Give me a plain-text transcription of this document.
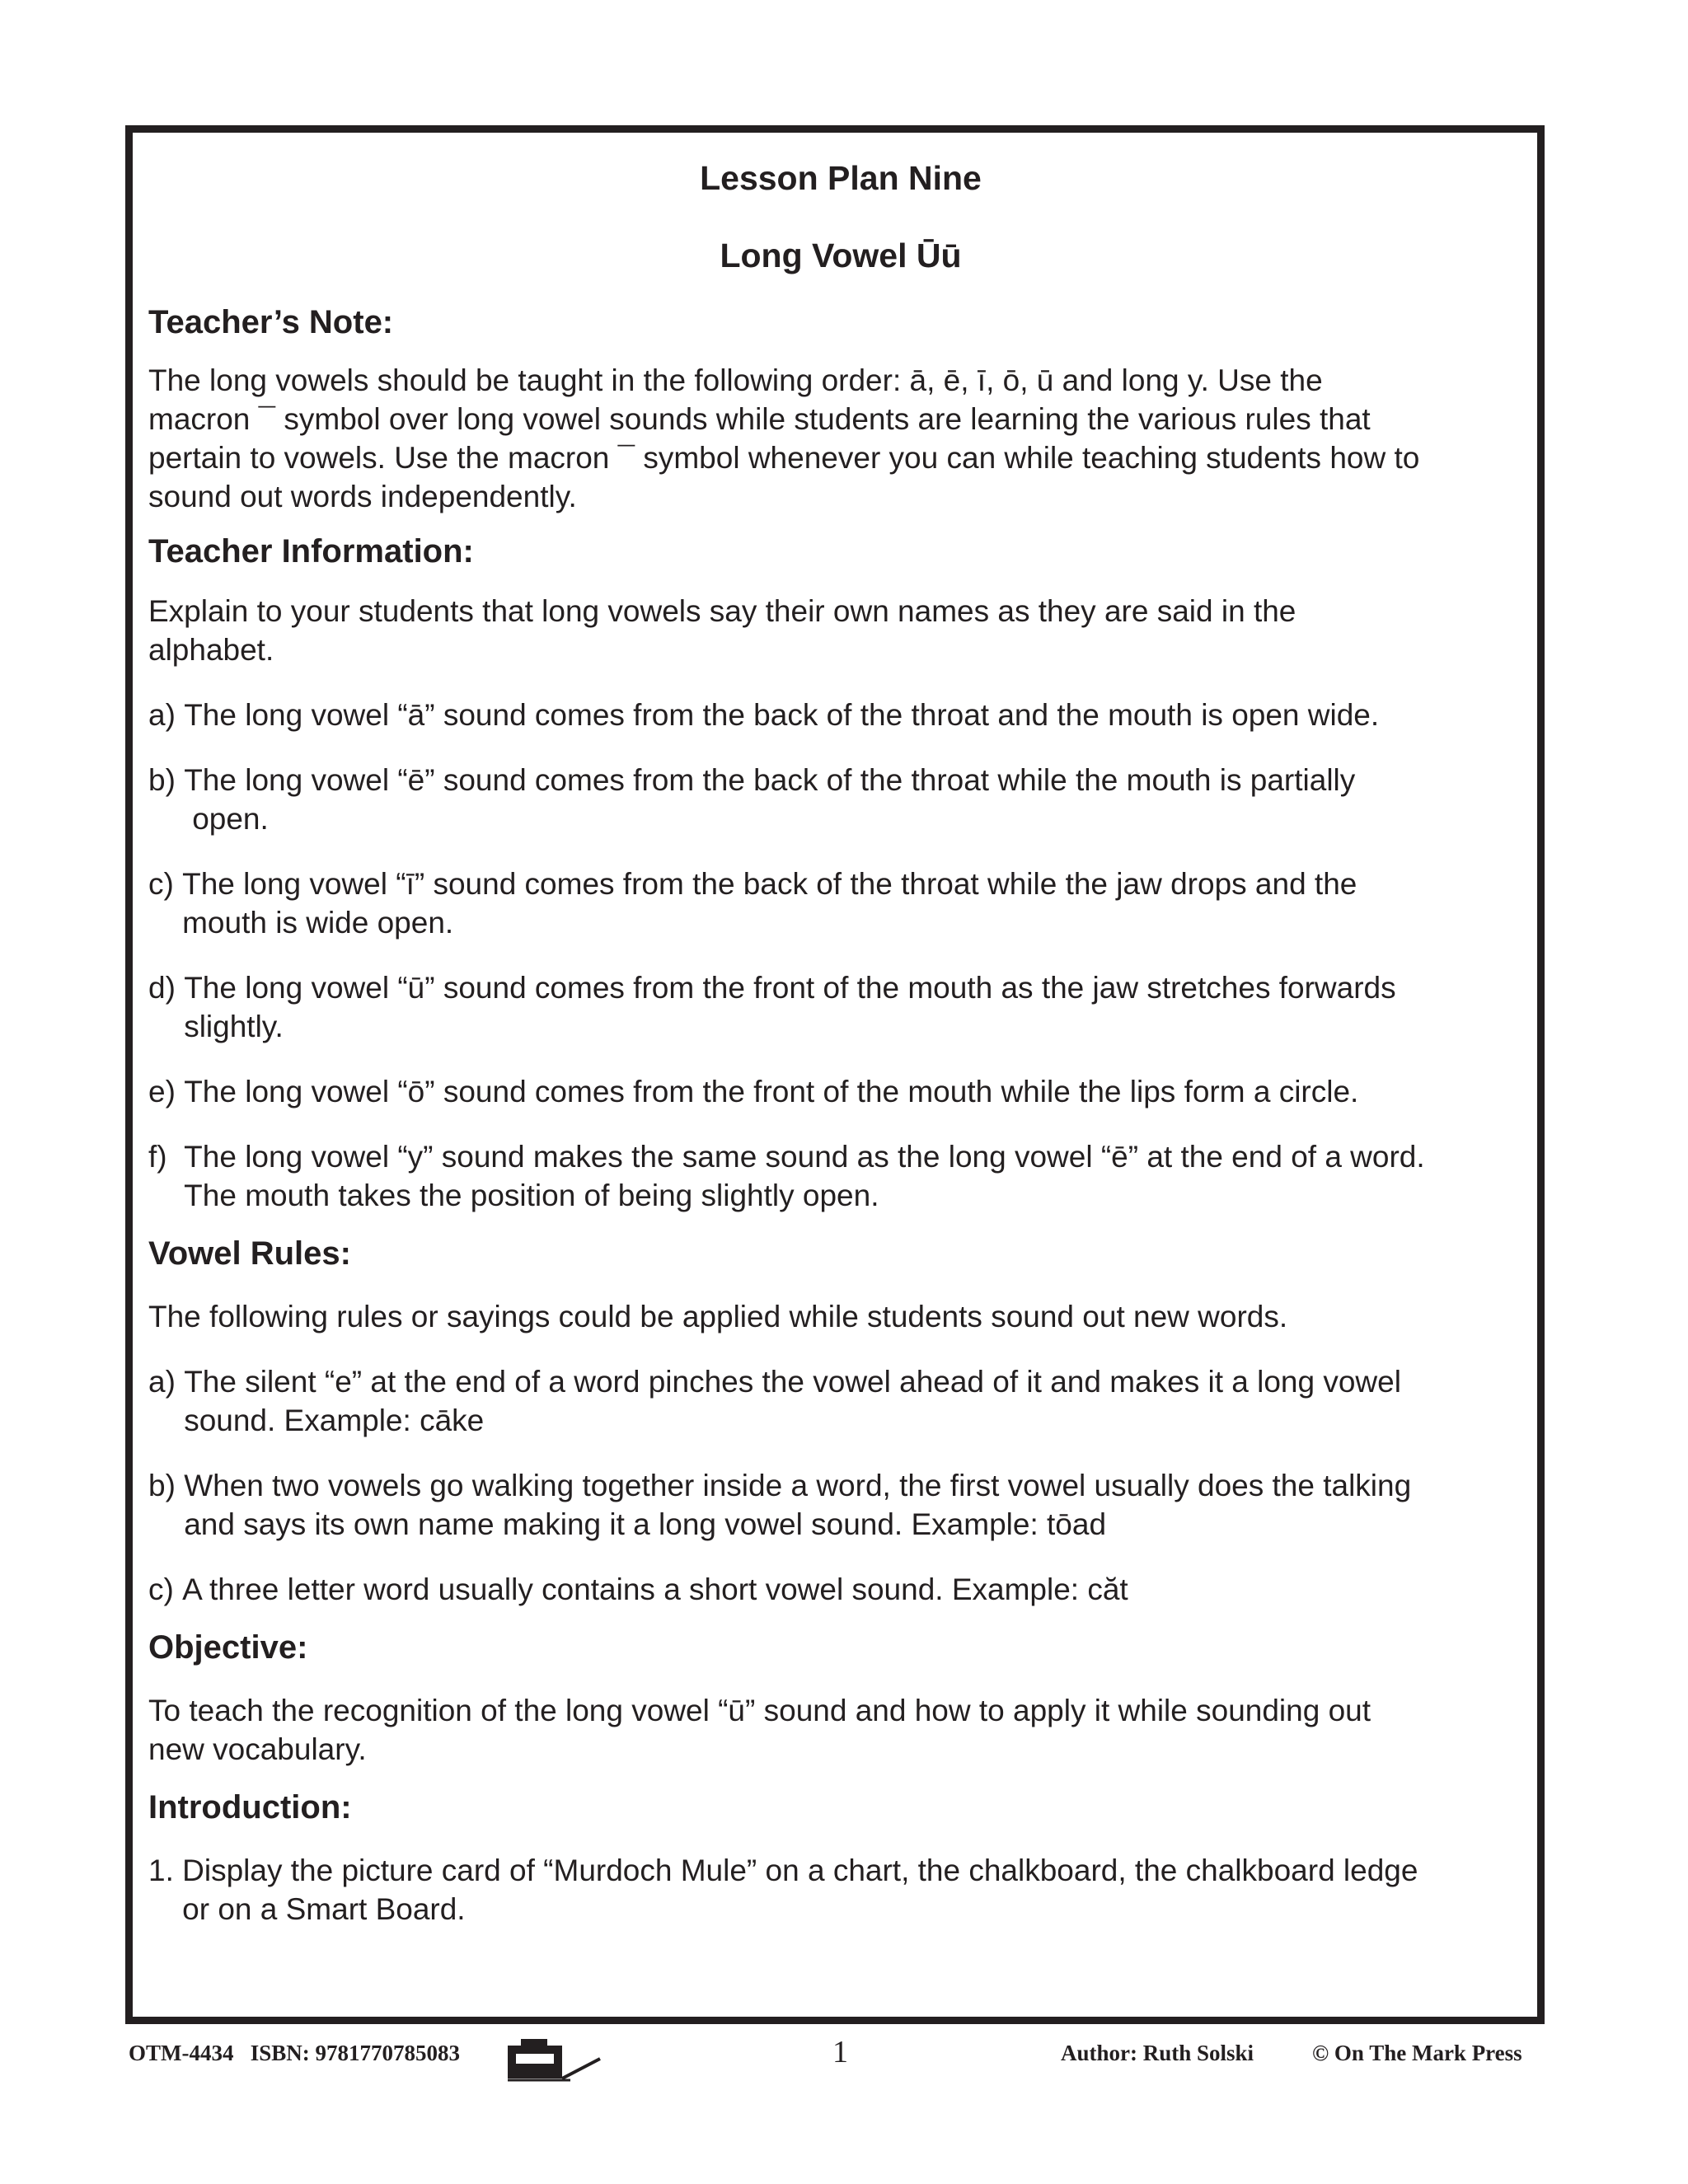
Lesson Plan Nine
Long Vowel Ūū
Teacher’s Note:

The long vowels should be taught in the following order: ā, ē, ī, ō, ū and long y. Use the

macron ¯ symbol over long vowel sounds while students are learning the various rules that

pertain to vowels. Use the macron ¯ symbol whenever you can while teaching students how to

sound out words independently.

Teacher Information:

Explain to your students that long vowels say their own names as they are said in the

alphabet.

a) The long vowel “ā” sound comes from the back of the throat and the mouth is open wide.
b) The long vowel “ē” sound comes from the back of the throat while the mouth is partially
open.
c) The long vowel “ī” sound comes from the back of the throat while the jaw drops and the
mouth is wide open.
d) The long vowel “ū” sound comes from the front of the mouth as the jaw stretches forwards
slightly.
e) The long vowel “ō” sound comes from the front of the mouth while the lips form a circle.
f) The long vowel “y” sound makes the same sound as the long vowel “ē” at the end of a word.
The mouth takes the position of being slightly open.
Vowel Rules:

The following rules or sayings could be applied while students sound out new words.

a) The silent “e” at the end of a word pinches the vowel ahead of it and makes it a long vowel
sound. Example: cāke
b) When two vowels go walking together inside a word, the first vowel usually does the talking
and says its own name making it a long vowel sound. Example: tōad
c) A three letter word usually contains a short vowel sound. Example: căt
Objective:

To teach the recognition of the long vowel “ū” sound and how to apply it while sounding out

new vocabulary.

Introduction:
1. Display the picture card of “Murdoch Mule” on a chart, the chalkboard, the chalkboard ledge
or on a Smart Board.
OTM-4434 ISBN: 9781770785083	1	Author: Ruth Solski	© On The Mark Press
